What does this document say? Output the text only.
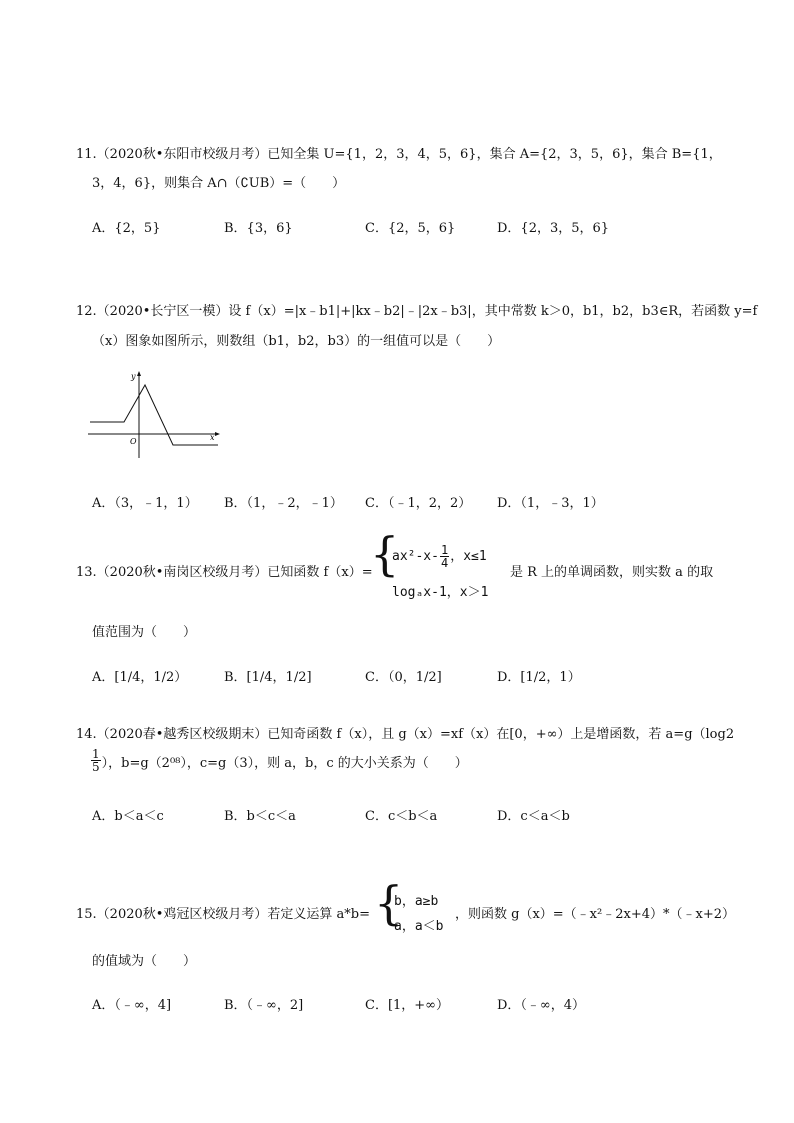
11.（2020秋•东阳市校级月考）已知全集 U={1，2，3，4，5，6}，集合 A={2，3，5，6}，集合 B={1，
3，4，6}，则集合 A∩（∁UB）=（　　）
A．{2，5}	B．{3，6}	C．{2，5，6}	D．{2，3，5，6}
12.（2020•长宁区一模）设 f（x）=|x﹣b1|+|kx﹣b2|﹣|2x﹣b3|，其中常数 k＞0，b1，b2，b3∈R，若函数 y=f
（x）图象如图所示，则数组（b1，b2，b3）的一组值可以是（　　）
y
x
O
A．（3，﹣1，1） B．（1，﹣2，﹣1） C．（﹣1，2，2） D．（1，﹣3，1）
13.（2020秋•南岗区校级月考）已知函数 f（x）=
{
$ax^2-x- \frac{1}{4}$ ，x≤1
logₐx-1，x＞1
是 R 上的单调函数，则实数 a 的取
值范围为（　　）
A．[1/4，1/2）	B．[1/4，1/2]	C．（0，1/2]	D．[1/2，1）
14.（2020春•越秀区校级期末）已知奇函数 f（x），且 g（x）=xf（x）在[0，+∞）上是增函数，若 a=g（log2
$\frac{1}{5}$ ），b=g（2⁰⁸），c=g（3），则 a，b，c 的大小关系为（　　）
A．b＜a＜c	B．b＜c＜a	C．c＜b＜a	D．c＜a＜b
15.（2020秋•鸡冠区校级月考）若定义运算 a*b= {
b，a≥b
a，a＜b
，则函数 g（x）=（﹣x²﹣2x+4）*（﹣x+2）
的值域为（　　）
A．（﹣∞，4]	B．（﹣∞，2]	C．[1，+∞）	D．（﹣∞，4）
